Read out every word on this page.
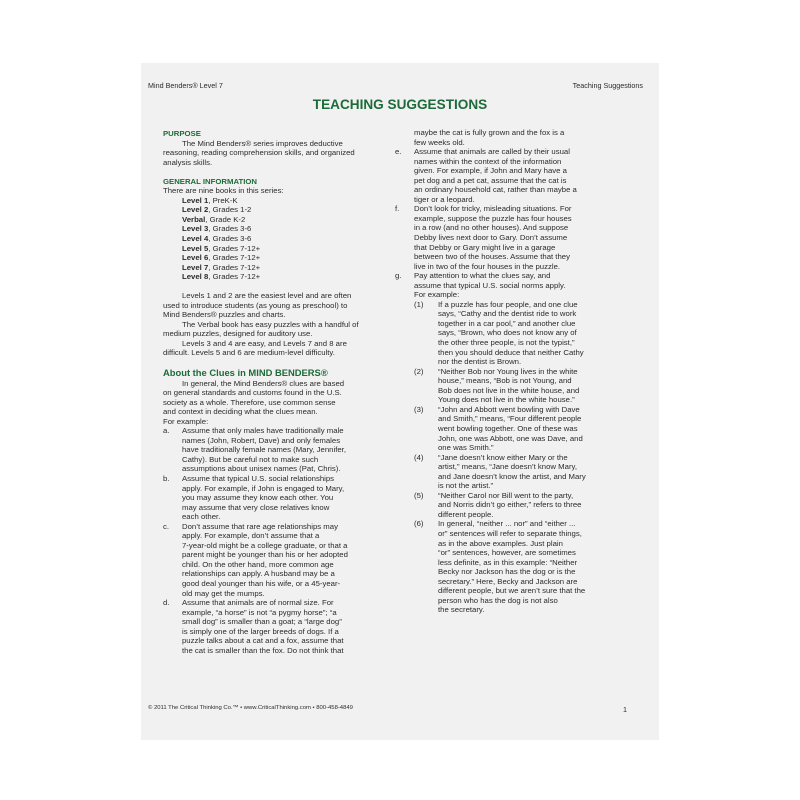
Mind Benders® Level 7	Teaching Suggestions
TEACHING SUGGESTIONS
PURPOSE
The Mind Benders® series improves deductive
reasoning, reading comprehension skills, and organized
analysis skills.
GENERAL INFORMATION
There are nine books in this series:
Level 1, PreK-K
Level 2, Grades 1-2
Verbal, Grade K-2
Level 3, Grades 3-6
Level 4, Grades 3-6
Level 5, Grades 7-12+
Level 6, Grades 7-12+
Level 7, Grades 7-12+
Level 8, Grades 7-12+
Levels 1 and 2 are the easiest level and are often
used to introduce students (as young as preschool) to
Mind Benders® puzzles and charts.
The Verbal book has easy puzzles with a handful of
medium puzzles, designed for auditory use.
Levels 3 and 4 are easy, and Levels 7 and 8 are
difficult. Levels 5 and 6 are medium-level difficulty.
About the Clues in MIND BENDERS®
In general, the Mind Benders® clues are based
on general standards and customs found in the U.S.
society as a whole. Therefore, use common sense
and context in deciding what the clues mean.
For example:
a. Assume that only males have traditionally male
names (John, Robert, Dave) and only females
have traditionally female names (Mary, Jennifer,
Cathy). But be careful not to make such
assumptions about unisex names (Pat, Chris).
b. Assume that typical U.S. social relationships
apply. For example, if John is engaged to Mary,
you may assume they know each other. You
may assume that very close relatives know
each other.
c. Don’t assume that rare age relationships may
apply. For example, don’t assume that a
7-year-old might be a college graduate, or that a
parent might be younger than his or her adopted
child. On the other hand, more common age
relationships can apply. A husband may be a
good deal younger than his wife, or a 45-year-
old may get the mumps.
d. Assume that animals are of normal size. For
example, “a horse” is not “a pygmy horse”; “a
small dog” is smaller than a goat; a “large dog”
is simply one of the larger breeds of dogs. If a
puzzle talks about a cat and a fox, assume that
the cat is smaller than the fox. Do not think that
maybe the cat is fully grown and the fox is a
few weeks old.
e. Assume that animals are called by their usual
names within the context of the information
given. For example, if John and Mary have a
pet dog and a pet cat, assume that the cat is
an ordinary household cat, rather than maybe a
tiger or a leopard.
f. Don’t look for tricky, misleading situations. For
example, suppose the puzzle has four houses
in a row (and no other houses). And suppose
Debby lives next door to Gary. Don’t assume
that Debby or Gary might live in a garage
between two of the houses. Assume that they
live in two of the four houses in the puzzle.
g. Pay attention to what the clues say, and
assume that typical U.S. social norms apply.
For example:
(1) If a puzzle has four people, and one clue
says, “Cathy and the dentist ride to work
together in a car pool,” and another clue
says, “Brown, who does not know any of
the other three people, is not the typist,”
then you should deduce that neither Cathy
nor the dentist is Brown.
(2) “Neither Bob nor Young lives in the white
house,” means, “Bob is not Young, and
Bob does not live in the white house, and
Young does not live in the white house.”
(3) “John and Abbott went bowling with Dave
and Smith,” means, “Four different people
went bowling together. One of these was
John, one was Abbott, one was Dave, and
one was Smith.”
(4) “Jane doesn’t know either Mary or the
artist,” means, “Jane doesn’t know Mary,
and Jane doesn’t know the artist, and Mary
is not the artist.”
(5) “Neither Carol nor Bill went to the party,
and Norris didn’t go either,” refers to three
different people.
(6) In general, “neither ... nor” and “either ...
or” sentences will refer to separate things,
as in the above examples. Just plain
“or” sentences, however, are sometimes
less definite, as in this example: “Neither
Becky nor Jackson has the dog or is the
secretary.” Here, Becky and Jackson are
different people, but we aren’t sure that the
person who has the dog is not also
the secretary.
© 2011 The Critical Thinking Co.™ • www.CriticalThinking.com • 800-458-4849	1
